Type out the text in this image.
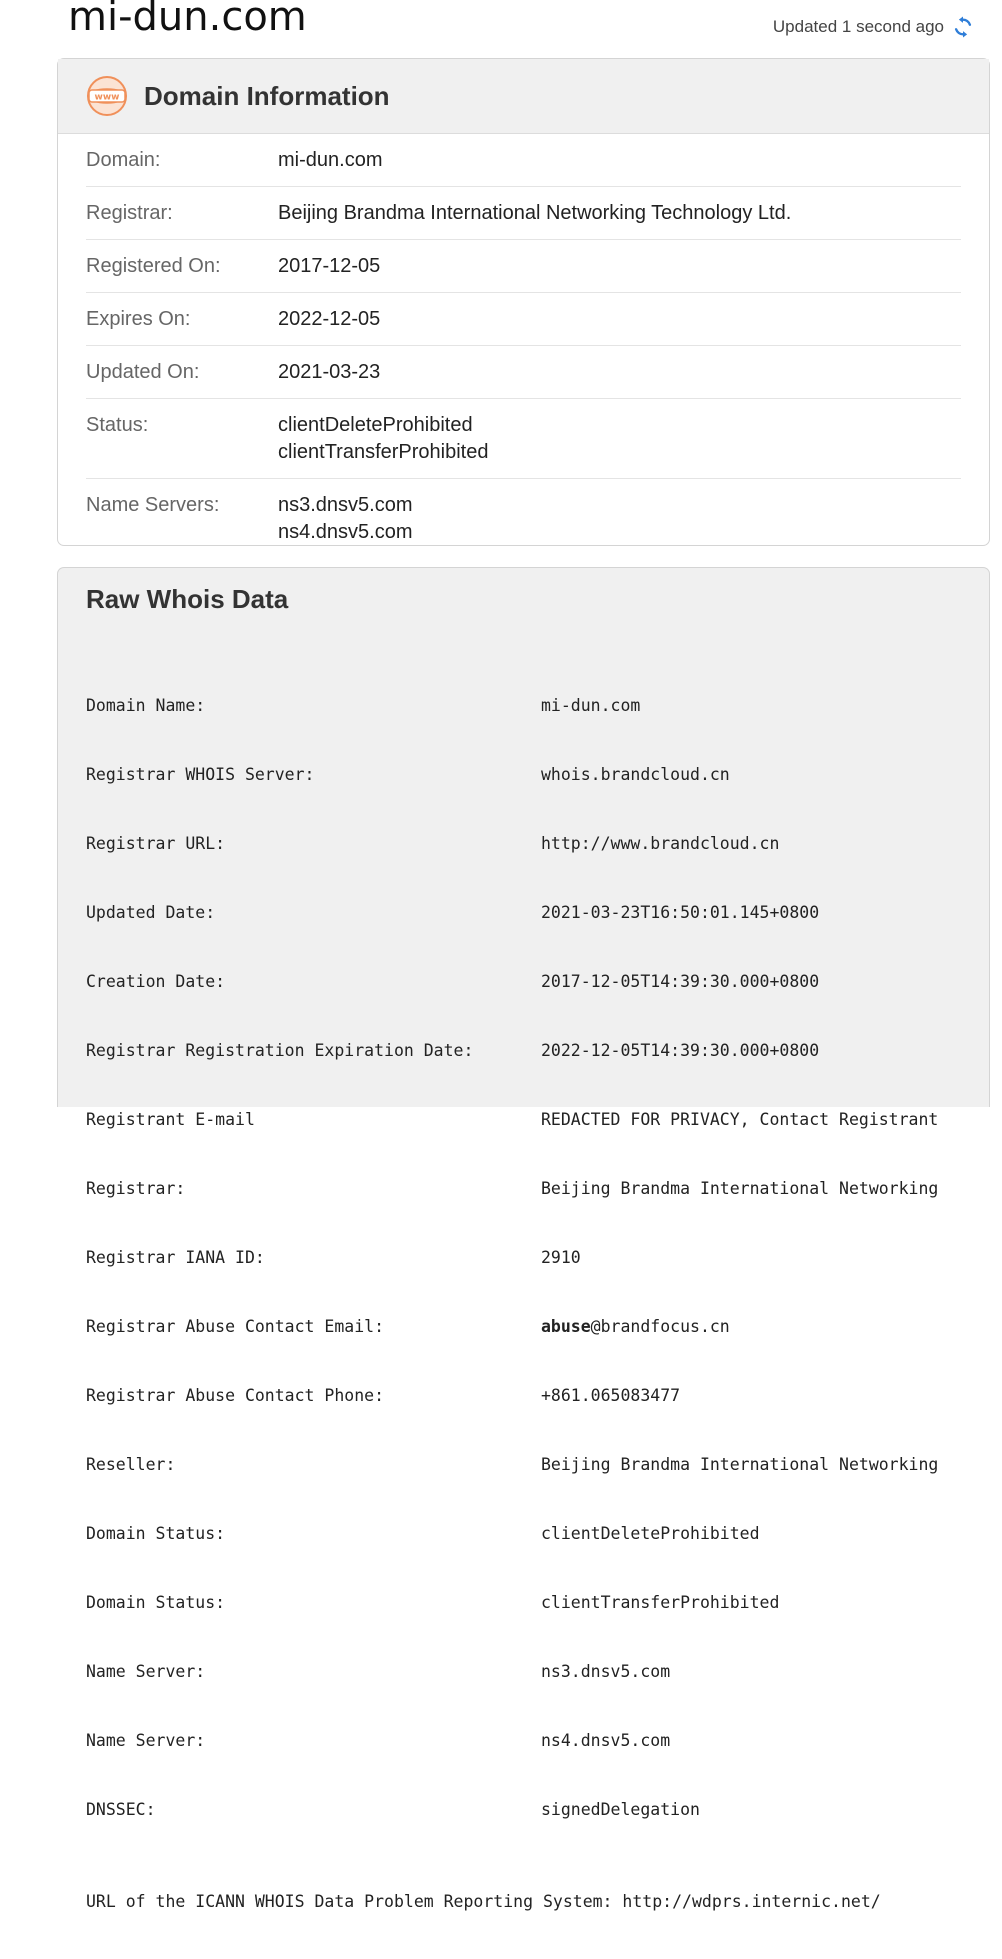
mi-dun.com	Updated 1 second ago
www Domain Information
Domain:	mi-dun.com
Registrar:	Beijing Brandma International Networking Technology Ltd.
Registered On:	2017-12-05
Expires On:	2022-12-05
Updated On:	2021-03-23
Status:	clientDeleteProhibited
clientTransferProhibited
Name Servers:	ns3.dnsv5.com
ns4.dnsv5.com
Raw Whois Data

Domain Name:	mi-dun.com

Registrar WHOIS Server:	whois.brandcloud.cn

Registrar URL:	http://www.brandcloud.cn

Updated Date:	2021-03-23T16:50:01.145+0800

Creation Date:	2017-12-05T14:39:30.000+0800

Registrar Registration Expiration Date:	2022-12-05T14:39:30.000+0800

Registrant E-mail	REDACTED FOR PRIVACY, Contact Registrant

Registrar:	Beijing Brandma International Networking

Registrar IANA ID:	2910

Registrar Abuse Contact Email:	abuse@brandfocus.cn

Registrar Abuse Contact Phone:	+861.065083477

Reseller:	Beijing Brandma International Networking

Domain Status:	clientDeleteProhibited

Domain Status:	clientTransferProhibited

Name Server:	ns3.dnsv5.com

Name Server:	ns4.dnsv5.com

DNSSEC:	signedDelegation

URL of the ICANN WHOIS Data Problem Reporting System: http://wdprs.internic.net/
